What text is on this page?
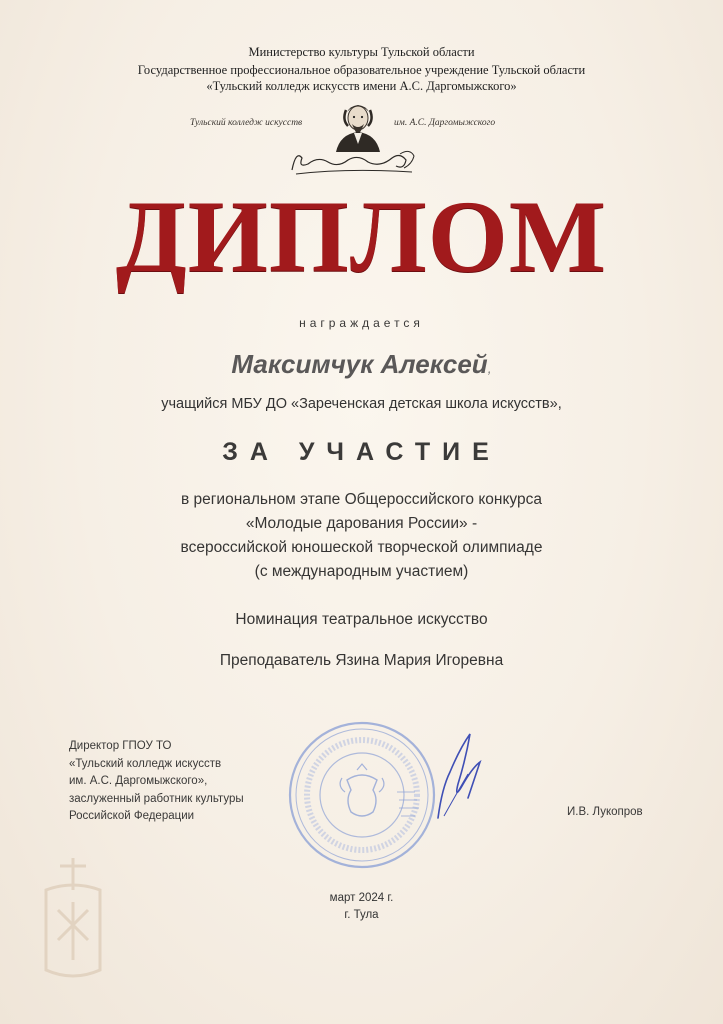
Министерство культуры Тульской области
Государственное профессиональное образовательное учреждение Тульской области
«Тульский колледж искусств имени А.С. Даргомыжского»
Тульский колледж искусств	им. А.С. Даргомыжского
ДИПЛОМ
награждается
Максимчук Алексей,
учащийся МБУ ДО «Зареченская детская школа искусств»,
ЗА УЧАСТИЕ
в региональном этапе Общероссийского конкурса
«Молодые дарования России» -
всероссийской юношеской творческой олимпиаде
(с международным участием)
Номинация театральное искусство
Преподаватель Язина Мария Игоревна
Директор ГПОУ ТО
«Тульский колледж искусств
им. А.С. Даргомыжского»,
заслуженный работник культуры
Российской Федерации	И.В. Лукопров
март 2024 г.
г. Тула
